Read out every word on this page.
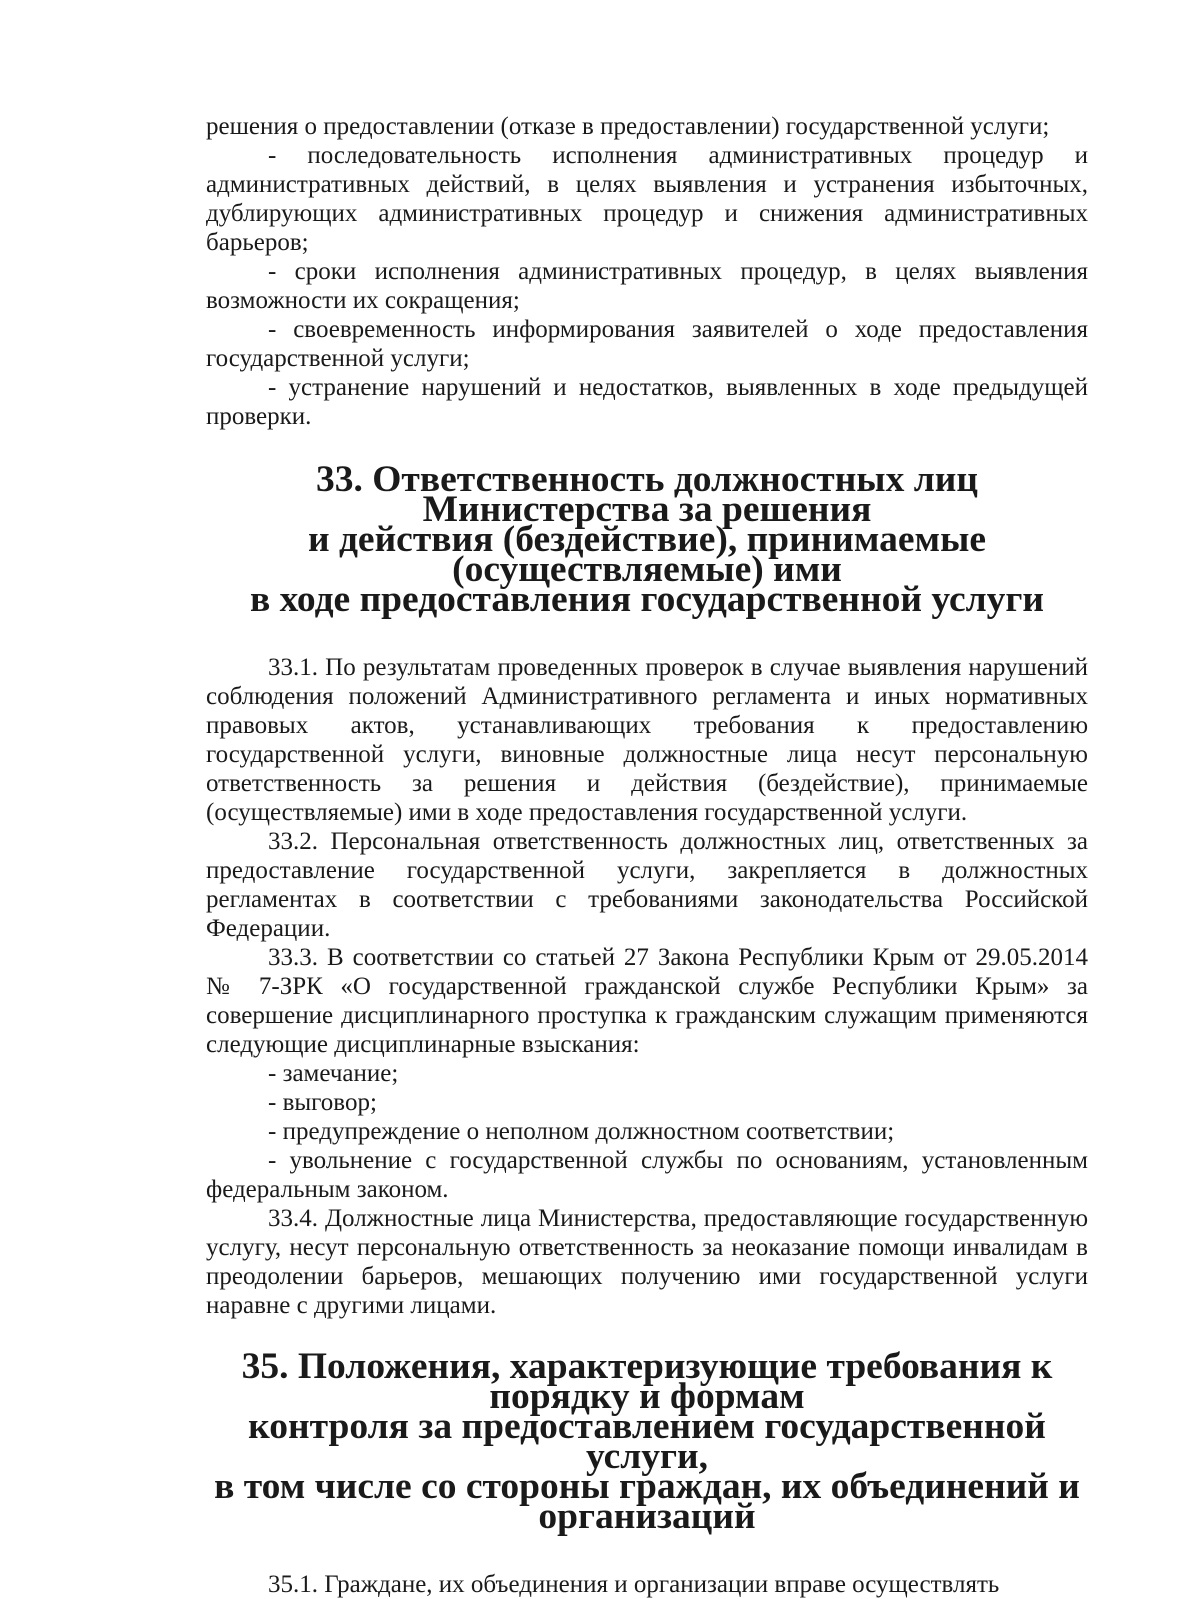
решения о предоставлении (отказе в предоставлении) государственной услуги;

- последовательность исполнения административных процедур и административных действий, в целях выявления и устранения избыточных, дублирующих административных процедур и снижения административных барьеров;

- сроки исполнения административных процедур, в целях выявления возможности их сокращения;

- своевременность информирования заявителей о ходе предоставления государственной услуги;

- устранение нарушений и недостатков, выявленных в ходе предыдущей проверки.

33. Ответственность должностных лиц Министерства за решения
и действия (бездействие), принимаемые (осуществляемые) ими
в ходе предоставления государственной услуги

33.1. По результатам проведенных проверок в случае выявления нарушений соблюдения положений Административного регламента и иных нормативных правовых актов, устанавливающих требования к предоставлению государственной услуги, виновные должностные лица несут персональную ответственность за решения и действия (бездействие), принимаемые (осуществляемые) ими в ходе предоставления государственной услуги.

33.2. Персональная ответственность должностных лиц, ответственных за предоставление государственной услуги, закрепляется в должностных регламентах в соответствии с требованиями законодательства Российской Федерации.

33.3. В соответствии со статьей 27 Закона Республики Крым от 29.05.2014 № 7-ЗРК «О государственной гражданской службе Республики Крым» за совершение дисциплинарного проступка к гражданским служащим применяются следующие дисциплинарные взыскания:

- замечание;

- выговор;

- предупреждение о неполном должностном соответствии;

- увольнение с государственной службы по основаниям, установленным федеральным законом.

33.4. Должностные лица Министерства, предоставляющие государственную услугу, несут персональную ответственность за неоказание помощи инвалидам в преодолении барьеров, мешающих получению ими государственной услуги наравне с другими лицами.

35. Положения, характеризующие требования к порядку и формам
контроля за предоставлением государственной услуги,
в том числе со стороны граждан, их объединений и организаций

35.1. Граждане, их объединения и организации вправе осуществлять
